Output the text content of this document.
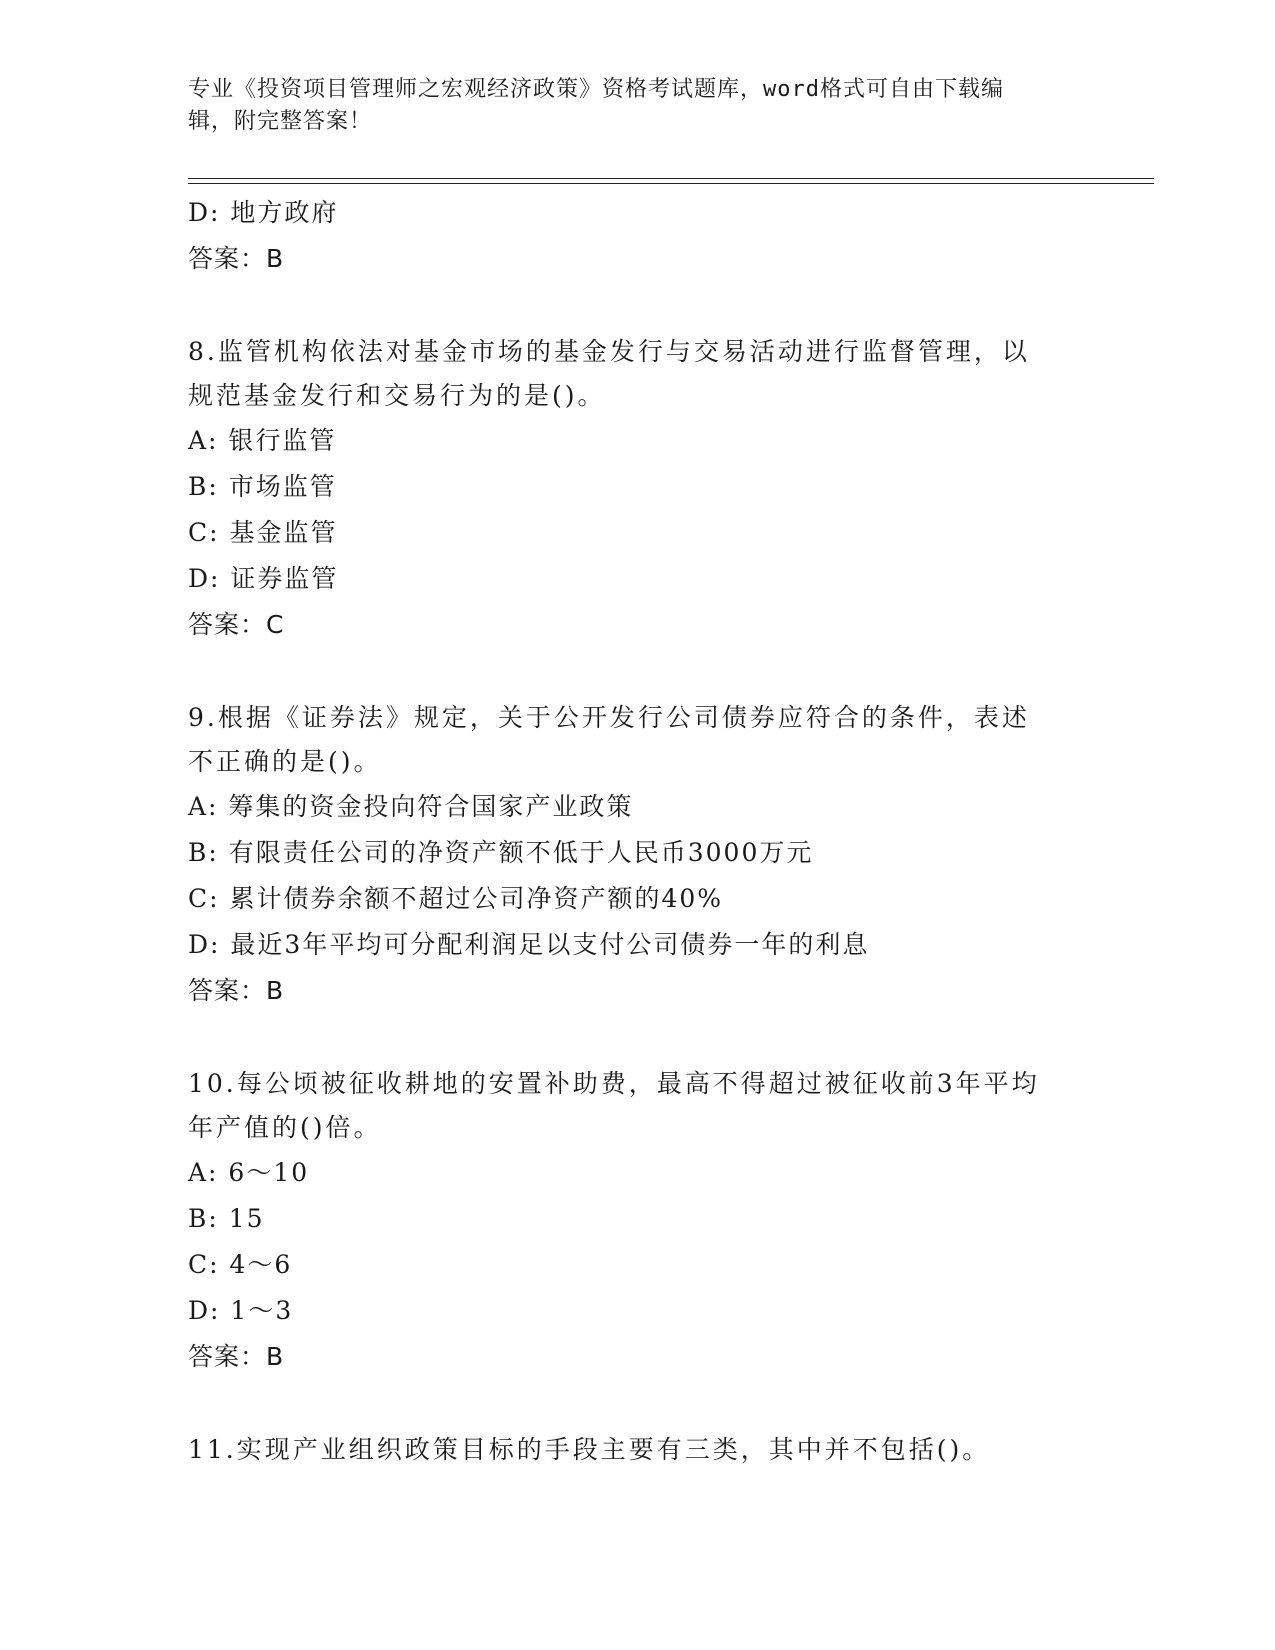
专业《投资项目管理师之宏观经济政策》资格考试题库，word格式可自由下载编
辑，附完整答案！
D: 地方政府
答案：B
8.监管机构依法对基金市场的基金发行与交易活动进行监督管理，以
规范基金发行和交易行为的是()。
A: 银行监管
B: 市场监管
C: 基金监管
D: 证券监管
答案：C
9.根据《证券法》规定，关于公开发行公司债券应符合的条件，表述
不正确的是()。
A: 筹集的资金投向符合国家产业政策
B: 有限责任公司的净资产额不低于人民币3000万元
C: 累计债券余额不超过公司净资产额的40%
D: 最近3年平均可分配利润足以支付公司债券一年的利息
答案：B
10.每公顷被征收耕地的安置补助费，最高不得超过被征收前3年平均
年产值的()倍。
A: 6～10
B: 15
C: 4～6
D: 1～3
答案：B
11.实现产业组织政策目标的手段主要有三类，其中并不包括()。
